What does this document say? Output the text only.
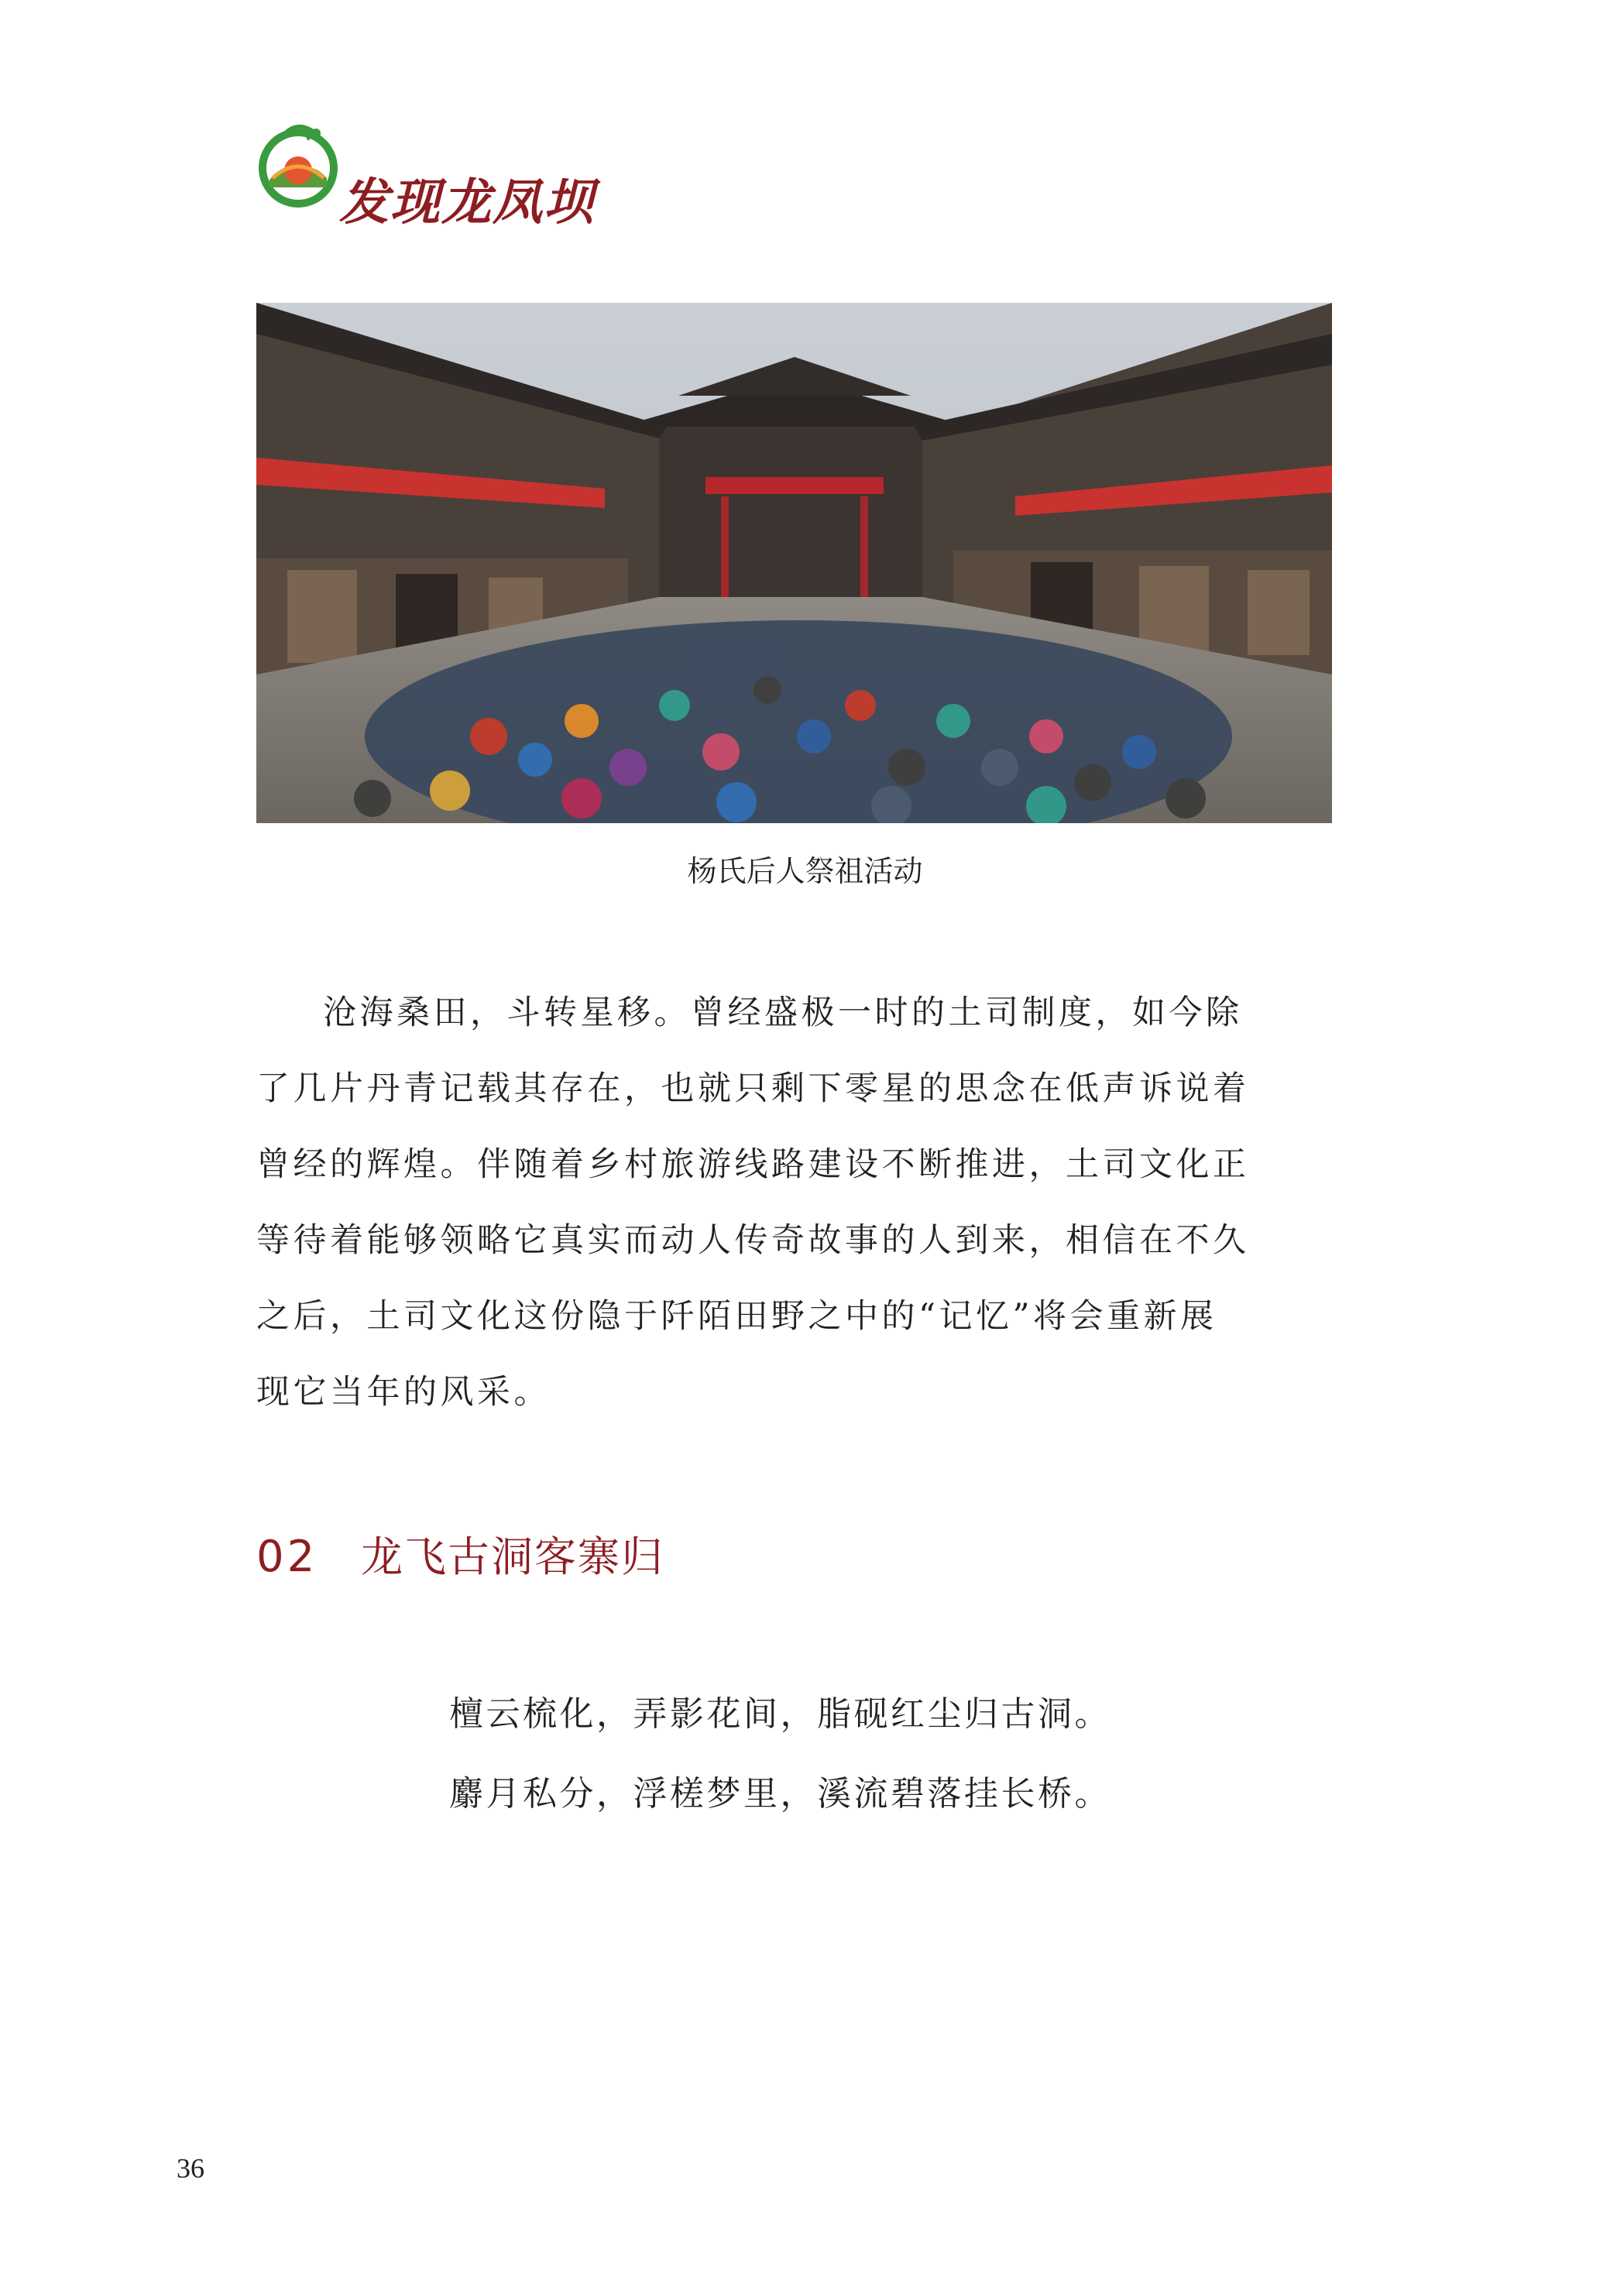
发现龙凤坝
杨氏后人祭祖活动
沧海桑田，斗转星移。曾经盛极一时的土司制度，如今除
了几片丹青记载其存在，也就只剩下零星的思念在低声诉说着
曾经的辉煌。伴随着乡村旅游线路建设不断推进，土司文化正
等待着能够领略它真实而动人传奇故事的人到来，相信在不久
之后，土司文化这份隐于阡陌田野之中的“记忆”将会重新展
现它当年的风采。
02 龙飞古洞客寨归
檀云梳化，弄影花间，脂砚红尘归古洞。
麝月私分，浮槎梦里，溪流碧落挂长桥。
36
